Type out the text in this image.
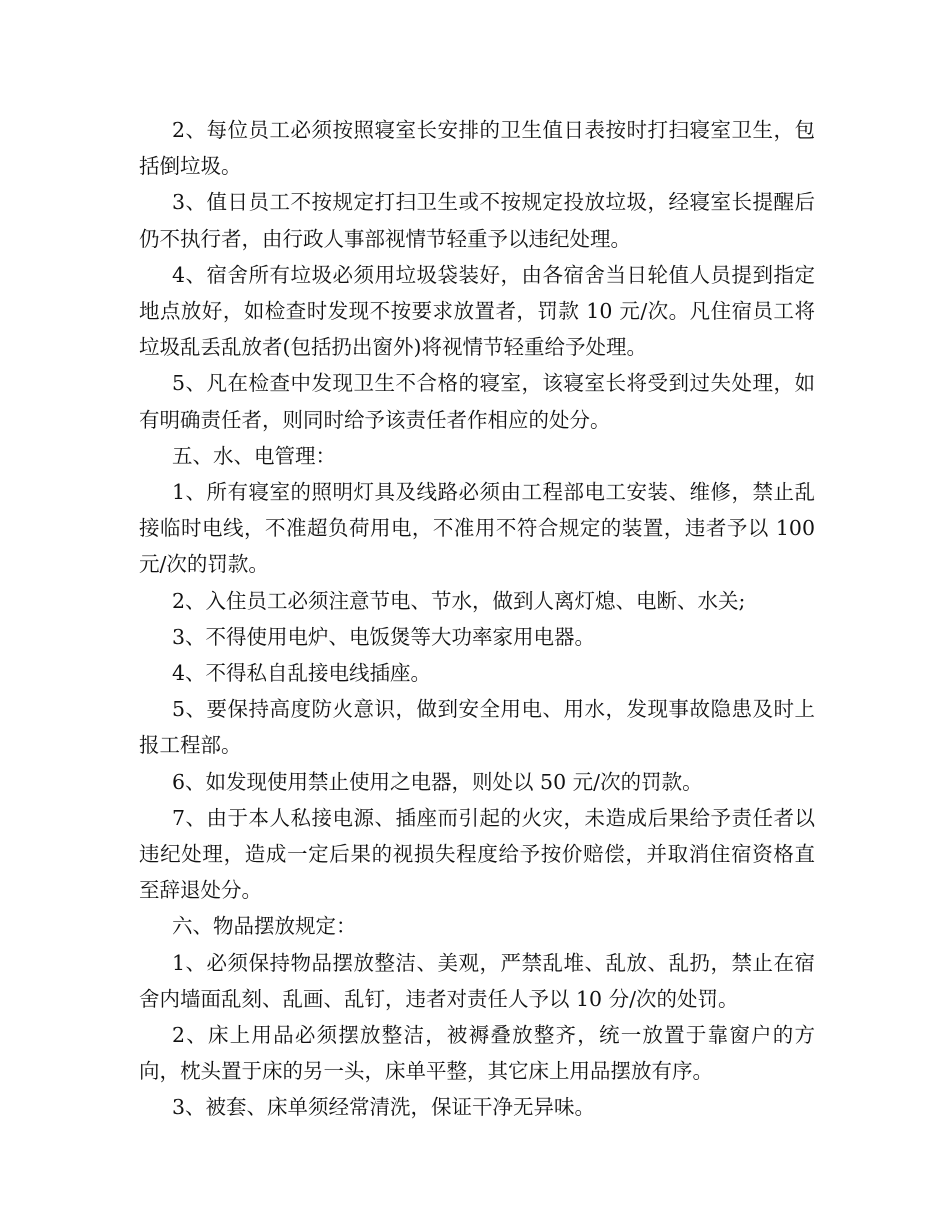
2、每位员工必须按照寝室长安排的卫生值日表按时打扫寝室卫生，包括倒垃圾。

3、值日员工不按规定打扫卫生或不按规定投放垃圾，经寝室长提醒后仍不执行者，由行政人事部视情节轻重予以违纪处理。

4、宿舍所有垃圾必须用垃圾袋装好，由各宿舍当日轮值人员提到指定地点放好，如检查时发现不按要求放置者，罚款 10 元/次。凡住宿员工将垃圾乱丢乱放者(包括扔出窗外)将视情节轻重给予处理。

5、凡在检查中发现卫生不合格的寝室，该寝室长将受到过失处理，如有明确责任者，则同时给予该责任者作相应的处分。

五、水、电管理：

1、所有寝室的照明灯具及线路必须由工程部电工安装、维修，禁止乱接临时电线，不准超负荷用电，不准用不符合规定的装置，违者予以 100 元/次的罚款。

2、入住员工必须注意节电、节水，做到人离灯熄、电断、水关;

3、不得使用电炉、电饭煲等大功率家用电器。

4、不得私自乱接电线插座。

5、要保持高度防火意识，做到安全用电、用水，发现事故隐患及时上报工程部。

6、如发现使用禁止使用之电器，则处以 50 元/次的罚款。

7、由于本人私接电源、插座而引起的火灾，未造成后果给予责任者以违纪处理，造成一定后果的视损失程度给予按价赔偿，并取消住宿资格直至辞退处分。

六、物品摆放规定：

1、必须保持物品摆放整洁、美观，严禁乱堆、乱放、乱扔，禁止在宿舍内墙面乱刻、乱画、乱钉，违者对责任人予以 10 分/次的处罚。

2、床上用品必须摆放整洁，被褥叠放整齐，统一放置于靠窗户的方向，枕头置于床的另一头，床单平整，其它床上用品摆放有序。

3、被套、床单须经常清洗，保证干净无异味。
